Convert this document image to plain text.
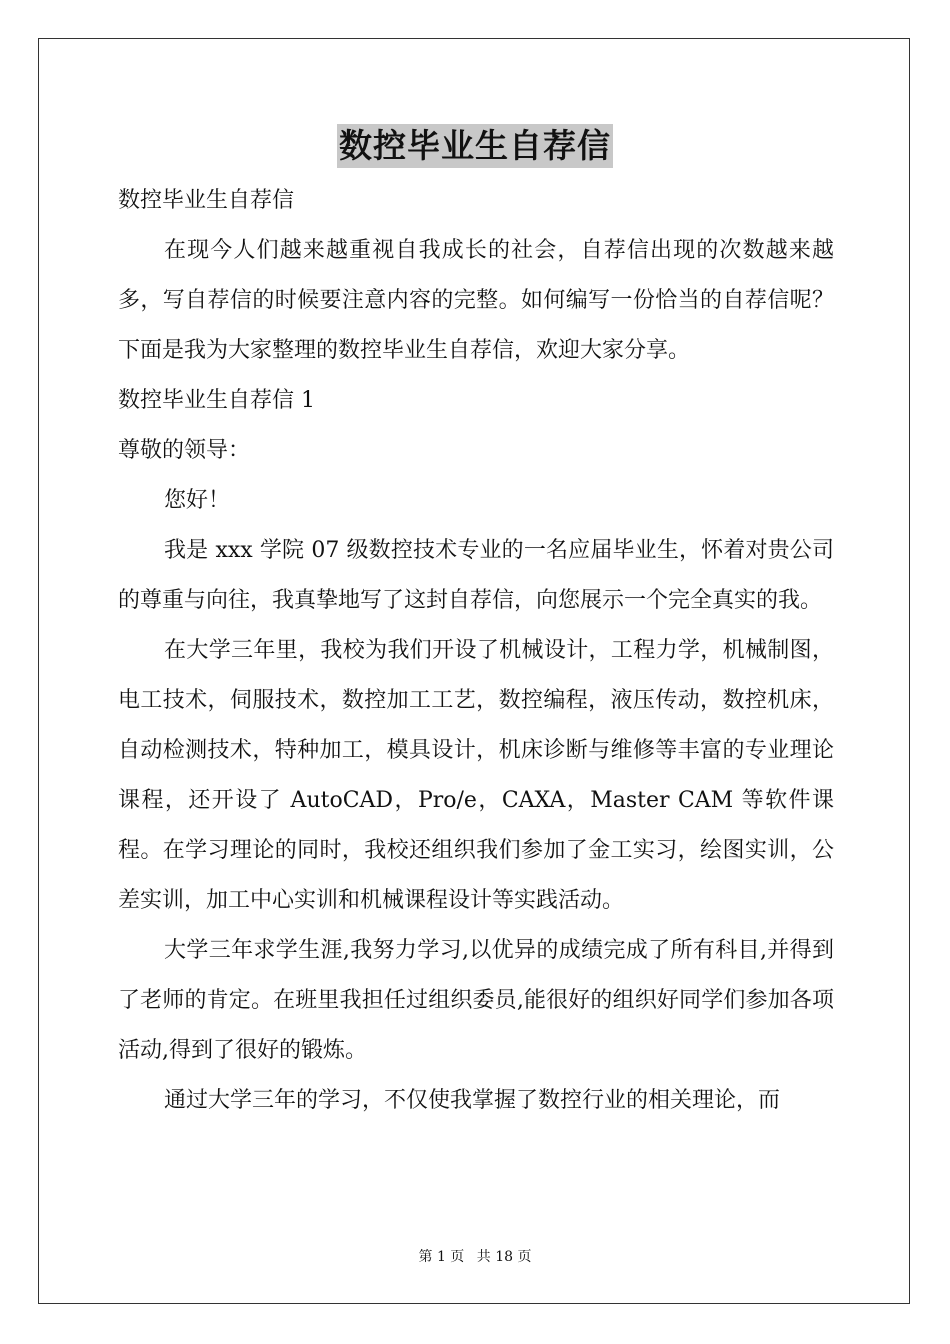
数控毕业生自荐信

数控毕业生自荐信

在现今人们越来越重视自我成长的社会，自荐信出现的次数越来越多，写自荐信的时候要注意内容的完整。如何编写一份恰当的自荐信呢？下面是我为大家整理的数控毕业生自荐信，欢迎大家分享。

数控毕业生自荐信 1

尊敬的领导：

您好！

我是 xxx 学院 07 级数控技术专业的一名应届毕业生，怀着对贵公司的尊重与向往，我真挚地写了这封自荐信，向您展示一个完全真实的我。

在大学三年里，我校为我们开设了机械设计，工程力学，机械制图，电工技术，伺服技术，数控加工工艺，数控编程，液压传动，数控机床，自动检测技术，特种加工，模具设计，机床诊断与维修等丰富的专业理论课程，还开设了 AutoCAD，Pro/e，CAXA，Master CAM 等软件课程。在学习理论的同时，我校还组织我们参加了金工实习，绘图实训，公差实训，加工中心实训和机械课程设计等实践活动。

大学三年求学生涯,我努力学习,以优异的成绩完成了所有科目,并得到了老师的肯定。在班里我担任过组织委员,能很好的组织好同学们参加各项活动,得到了很好的锻炼。

通过大学三年的学习，不仅使我掌握了数控行业的相关理论，而

第 1 页 共 18 页
